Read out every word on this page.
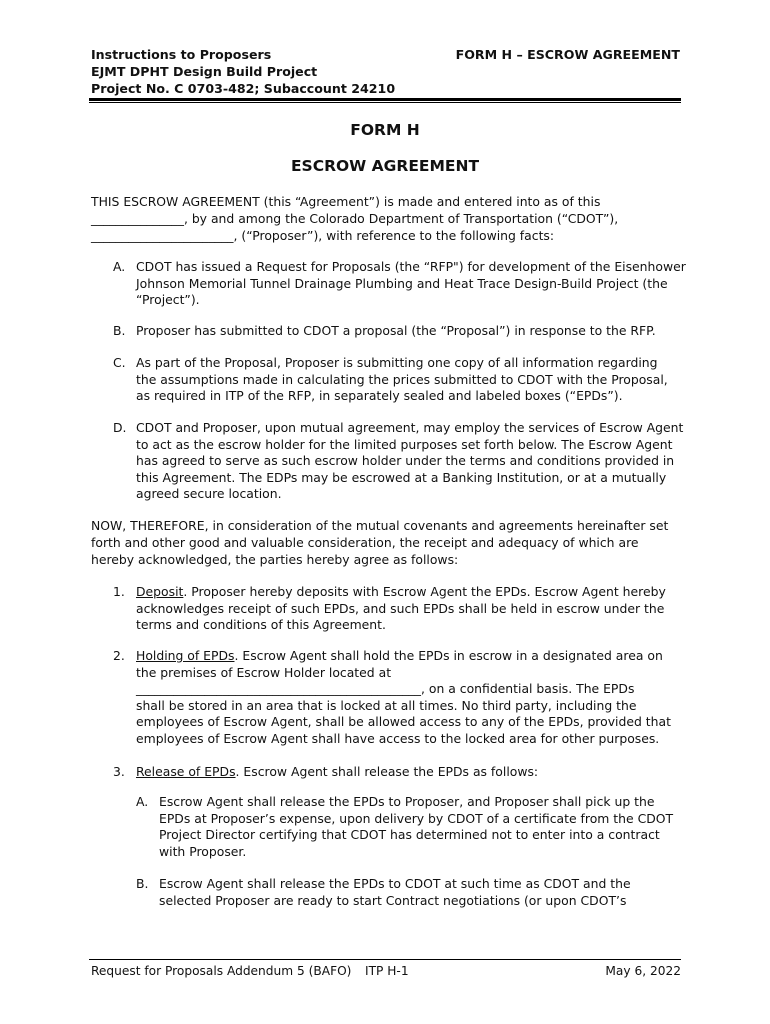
Instructions to Proposers
EJMT DPHT Design Build Project
Project No. C 0703-482; Subaccount 24210
FORM H – ESCROW AGREEMENT
FORM H
ESCROW AGREEMENT
THIS ESCROW AGREEMENT (this “Agreement”) is made and entered into as of this
_______________, by and among the Colorado Department of Transportation (“CDOT”),
_______________________, (“Proposer”), with reference to the following facts:
A. CDOT has issued a Request for Proposals (the “RFP") for development of the Eisenhower
Johnson Memorial Tunnel Drainage Plumbing and Heat Trace Design-Build Project (the
“Project”).
B. Proposer has submitted to CDOT a proposal (the “Proposal”) in response to the RFP.
C. As part of the Proposal, Proposer is submitting one copy of all information regarding
the assumptions made in calculating the prices submitted to CDOT with the Proposal,
as required in ITP of the RFP, in separately sealed and labeled boxes (“EPDs”).
D. CDOT and Proposer, upon mutual agreement, may employ the services of Escrow Agent
to act as the escrow holder for the limited purposes set forth below. The Escrow Agent
has agreed to serve as such escrow holder under the terms and conditions provided in
this Agreement. The EDPs may be escrowed at a Banking Institution, or at a mutually
agreed secure location.
NOW, THEREFORE, in consideration of the mutual covenants and agreements hereinafter set
forth and other good and valuable consideration, the receipt and adequacy of which are
hereby acknowledged, the parties hereby agree as follows:
1. Deposit. Proposer hereby deposits with Escrow Agent the EPDs. Escrow Agent hereby
acknowledges receipt of such EPDs, and such EPDs shall be held in escrow under the
terms and conditions of this Agreement.
2. Holding of EPDs. Escrow Agent shall hold the EPDs in escrow in a designated area on
the premises of Escrow Holder located at
______________________________________________, on a confidential basis. The EPDs
shall be stored in an area that is locked at all times. No third party, including the
employees of Escrow Agent, shall be allowed access to any of the EPDs, provided that
employees of Escrow Agent shall have access to the locked area for other purposes.
3. Release of EPDs. Escrow Agent shall release the EPDs as follows:
A. Escrow Agent shall release the EPDs to Proposer, and Proposer shall pick up the
EPDs at Proposer’s expense, upon delivery by CDOT of a certificate from the CDOT
Project Director certifying that CDOT has determined not to enter into a contract
with Proposer.
B. Escrow Agent shall release the EPDs to CDOT at such time as CDOT and the
selected Proposer are ready to start Contract negotiations (or upon CDOT’s
Request for Proposals Addendum 5 (BAFO) ITP H-1	May 6, 2022
